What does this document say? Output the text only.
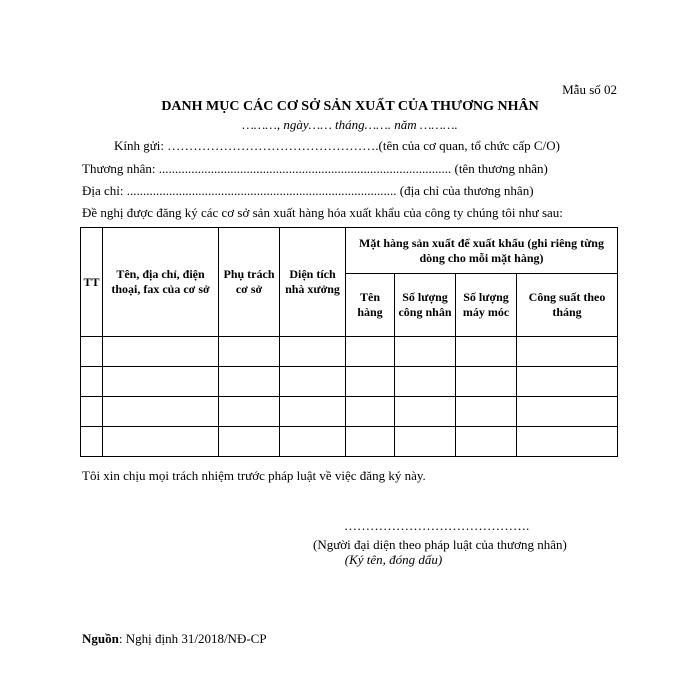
Mẫu số 02
DANH MỤC CÁC CƠ SỞ SẢN XUẤT CỦA THƯƠNG NHÂN
………, ngày…… tháng……. năm ……….
Kính gửi: ………………………………………….(tên của cơ quan, tổ chức cấp C/O)
Thương nhân: .......................................................................................... (tên thương nhân)
Địa chỉ: ................................................................................... (địa chỉ của thương nhân)
Đề nghị được đăng ký các cơ sở sản xuất hàng hóa xuất khẩu của công ty chúng tôi như sau:
TT	Tên, địa chỉ, điện thoại, fax của cơ sở	Phụ trách cơ sở	Diện tích nhà xưởng	Mặt hàng sản xuất để xuất khẩu (ghi riêng từng dòng cho mỗi mặt hàng)			
				Tên hàng	Số lượng công nhân	Số lượng máy móc	Công suất theo tháng

Tôi xin chịu mọi trách nhiệm trước pháp luật về việc đăng ký này.
…………………………………….
(Người đại diện theo pháp luật của thương nhân)
(Ký tên, đóng dấu)
Nguồn: Nghị định 31/2018/NĐ-CP
